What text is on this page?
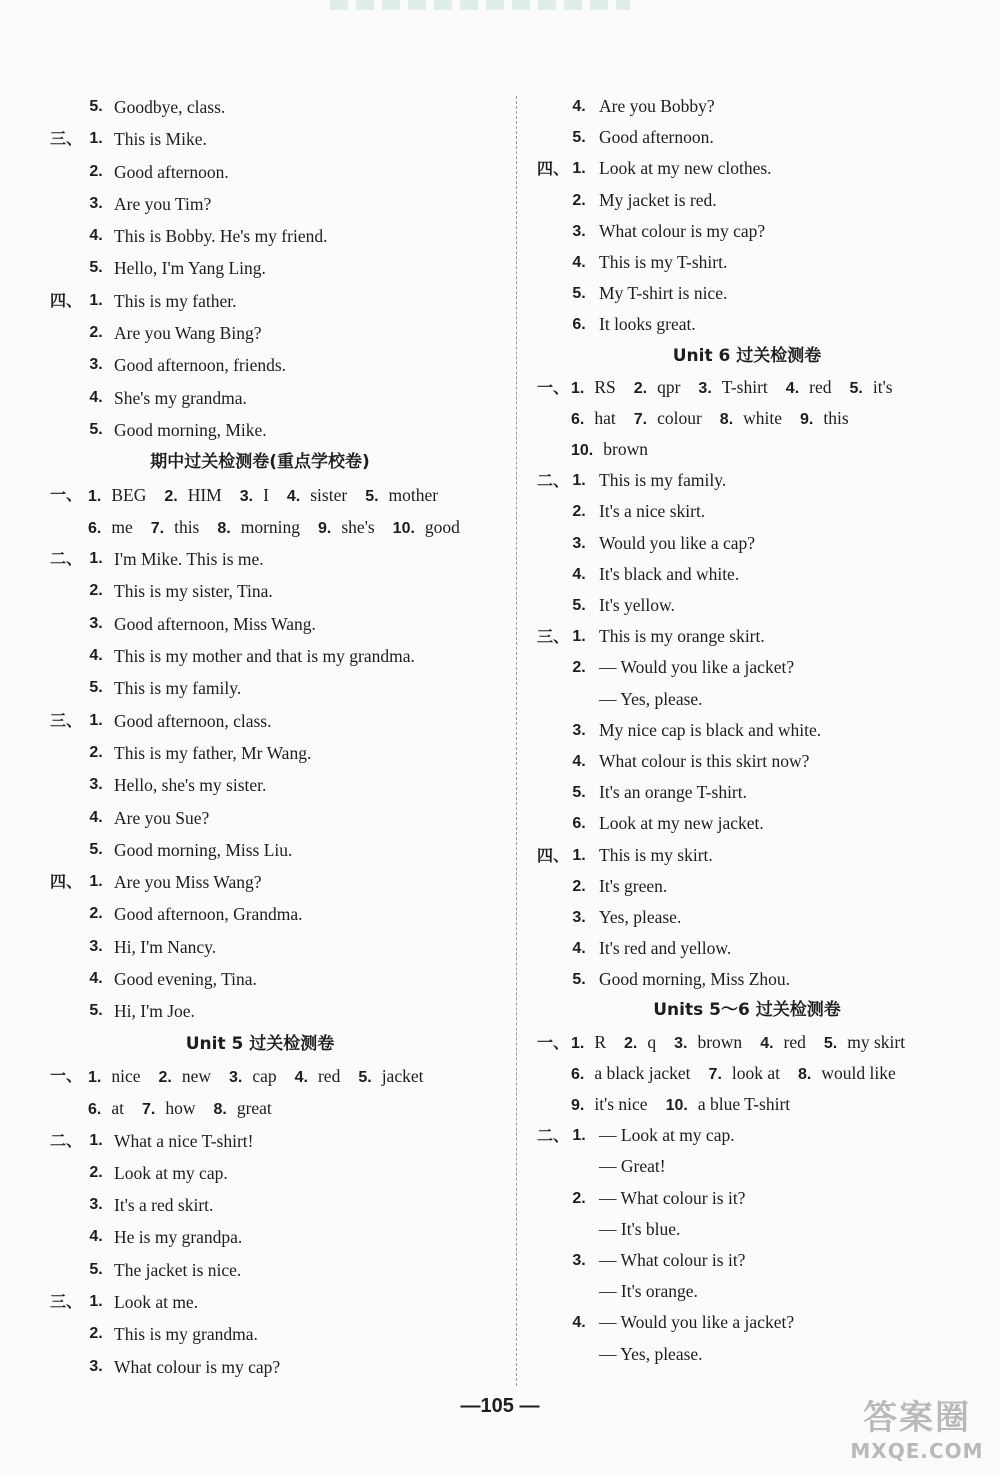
5. Goodbye, class.
三、 1. This is Mike.
2. Good afternoon.
3. Are you Tim?
4. This is Bobby. He's my friend.
5. Hello, I'm Yang Ling.
四、 1. This is my father.
2. Are you Wang Bing?
3. Good afternoon, friends.
4. She's my grandma.
5. Good morning, Mike.
期中过关检测卷(重点学校卷)
一、 1. BEG 2. HIM 3. I 4. sister 5. mother
6. me 7. this 8. morning 9. she's 10. good
二、 1. I'm Mike. This is me.
2. This is my sister, Tina.
3. Good afternoon, Miss Wang.
4. This is my mother and that is my grandma.
5. This is my family.
三、 1. Good afternoon, class.
2. This is my father, Mr Wang.
3. Hello, she's my sister.
4. Are you Sue?
5. Good morning, Miss Liu.
四、 1. Are you Miss Wang?
2. Good afternoon, Grandma.
3. Hi, I'm Nancy.
4. Good evening, Tina.
5. Hi, I'm Joe.
Unit 5 过关检测卷
一、 1. nice 2. new 3. cap 4. red 5. jacket
6. at 7. how 8. great
二、 1. What a nice T-shirt!
2. Look at my cap.
3. It's a red skirt.
4. He is my grandpa.
5. The jacket is nice.
三、 1. Look at me.
2. This is my grandma.
3. What colour is my cap?
4. Are you Bobby?
5. Good afternoon.
四、 1. Look at my new clothes.
2. My jacket is red.
3. What colour is my cap?
4. This is my T-shirt.
5. My T-shirt is nice.
6. It looks great.
Unit 6 过关检测卷
一、 1. RS 2. qpr 3. T-shirt 4. red 5. it's
6. hat 7. colour 8. white 9. this
10. brown
二、 1. This is my family.
2. It's a nice skirt.
3. Would you like a cap?
4. It's black and white.
5. It's yellow.
三、 1. This is my orange skirt.
2. — Would you like a jacket?
— Yes, please.
3. My nice cap is black and white.
4. What colour is this skirt now?
5. It's an orange T-shirt.
6. Look at my new jacket.
四、 1. This is my skirt.
2. It's green.
3. Yes, please.
4. It's red and yellow.
5. Good morning, Miss Zhou.
Units 5～6 过关检测卷
一、 1. R 2. q 3. brown 4. red 5. my skirt
6. a black jacket 7. look at 8. would like
9. it's nice 10. a blue T-shirt
二、 1. — Look at my cap.
— Great!
2. — What colour is it?
— It's blue.
3. — What colour is it?
— It's orange.
4. — Would you like a jacket?
— Yes, please.
—105 —	答案圈
MXQE.COM
